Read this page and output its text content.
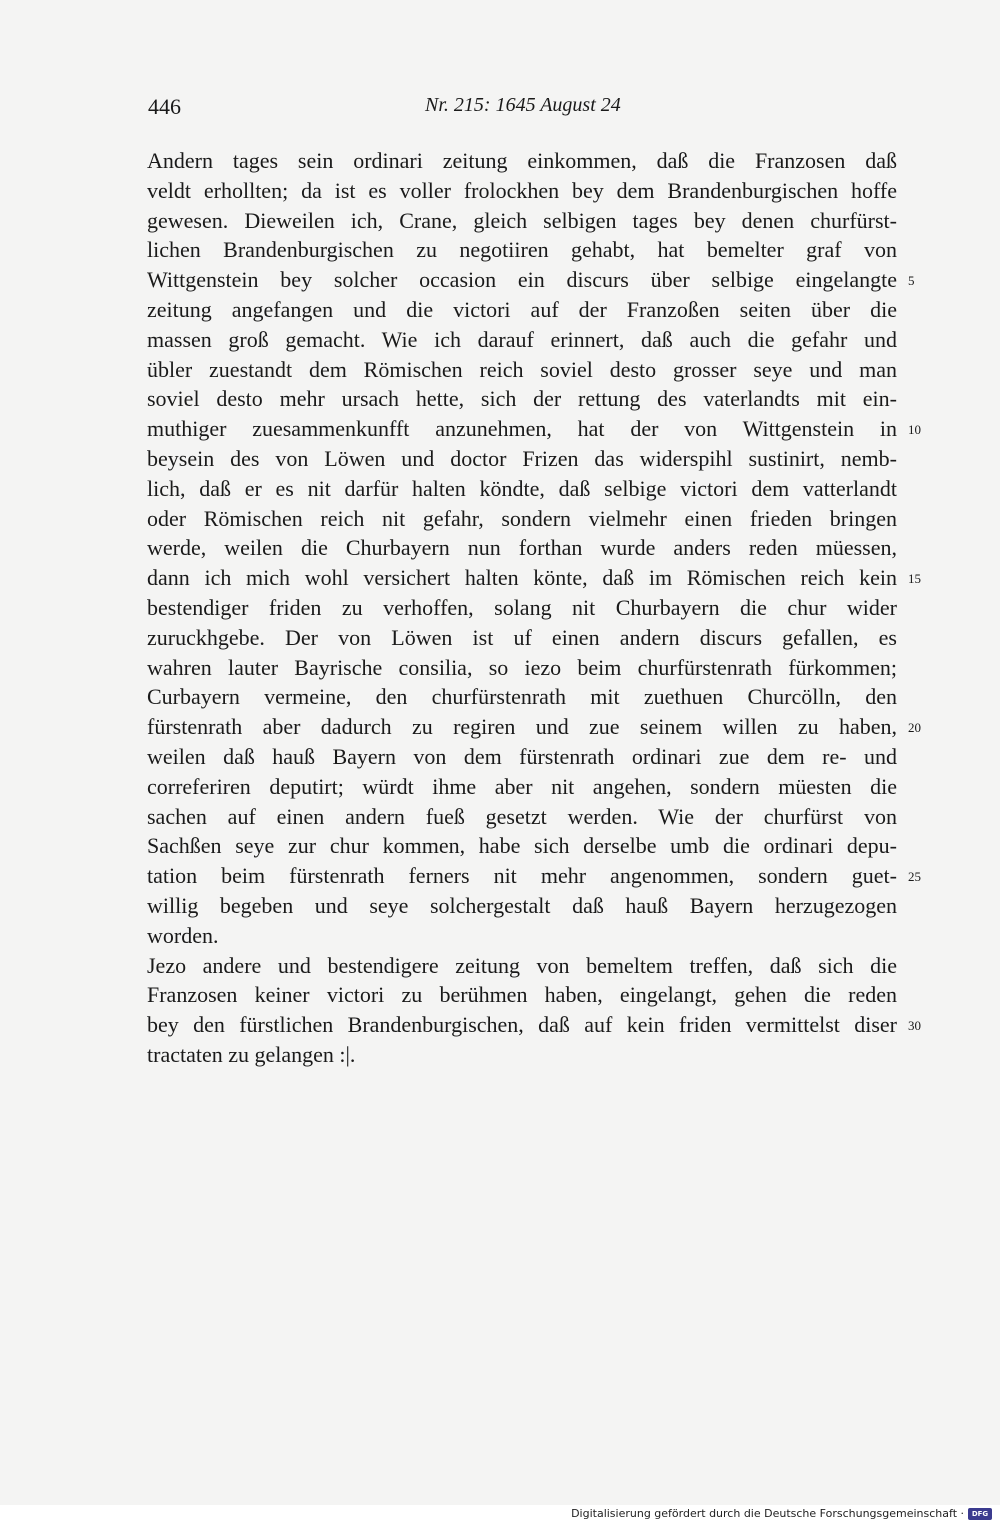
446	Nr. 215: 1645 August 24
Andern tages sein ordinari zeitung einkommen, daß die Franzosen daß
veldt erhollten; da ist es voller frolockhen bey dem Brandenburgischen hoffe
gewesen. Dieweilen ich, Crane, gleich selbigen tages bey denen churfürst-
lichen Brandenburgischen zu negotiiren gehabt, hat bemelter graf von
Wittgenstein bey solcher occasion ein discurs über selbige eingelangte
zeitung angefangen und die victori auf der Franzoßen seiten über die
massen groß gemacht. Wie ich darauf erinnert, daß auch die gefahr und
übler zuestandt dem Römischen reich soviel desto grosser seye und man
soviel desto mehr ursach hette, sich der rettung des vaterlandts mit ein-
muthiger zuesammenkunfft anzunehmen, hat der von Wittgenstein in
beysein des von Löwen und doctor Frizen das widerspihl sustinirt, nemb-
lich, daß er es nit darfür halten köndte, daß selbige victori dem vatterlandt
oder Römischen reich nit gefahr, sondern vielmehr einen frieden bringen
werde, weilen die Churbayern nun forthan wurde anders reden müessen,
dann ich mich wohl versichert halten könte, daß im Römischen reich kein
bestendiger friden zu verhoffen, solang nit Churbayern die chur wider
zuruckhgebe. Der von Löwen ist uf einen andern discurs gefallen, es
wahren lauter Bayrische consilia, so iezo beim churfürstenrath fürkommen;
Curbayern vermeine, den churfürstenrath mit zuethuen Churcölln, den
fürstenrath aber dadurch zu regiren und zue seinem willen zu haben,
weilen daß hauß Bayern von dem fürstenrath ordinari zue dem re- und
correferiren deputirt; würdt ihme aber nit angehen, sondern müesten die
sachen auf einen andern fueß gesetzt werden. Wie der churfürst von
Sachßen seye zur chur kommen, habe sich derselbe umb die ordinari depu-
tation beim fürstenrath ferners nit mehr angenommen, sondern guet-
willig begeben und seye solchergestalt daß hauß Bayern herzugezogen
worden.
Jezo andere und bestendigere zeitung von bemeltem treffen, daß sich die
Franzosen keiner victori zu berühmen haben, eingelangt, gehen die reden
bey den fürstlichen Brandenburgischen, daß auf kein friden vermittelst diser
tractaten zu gelangen :|.
5
10
15
20
25
30
Digitalisierung gefördert durch die Deutsche Forschungsgemeinschaft ·	DFG
